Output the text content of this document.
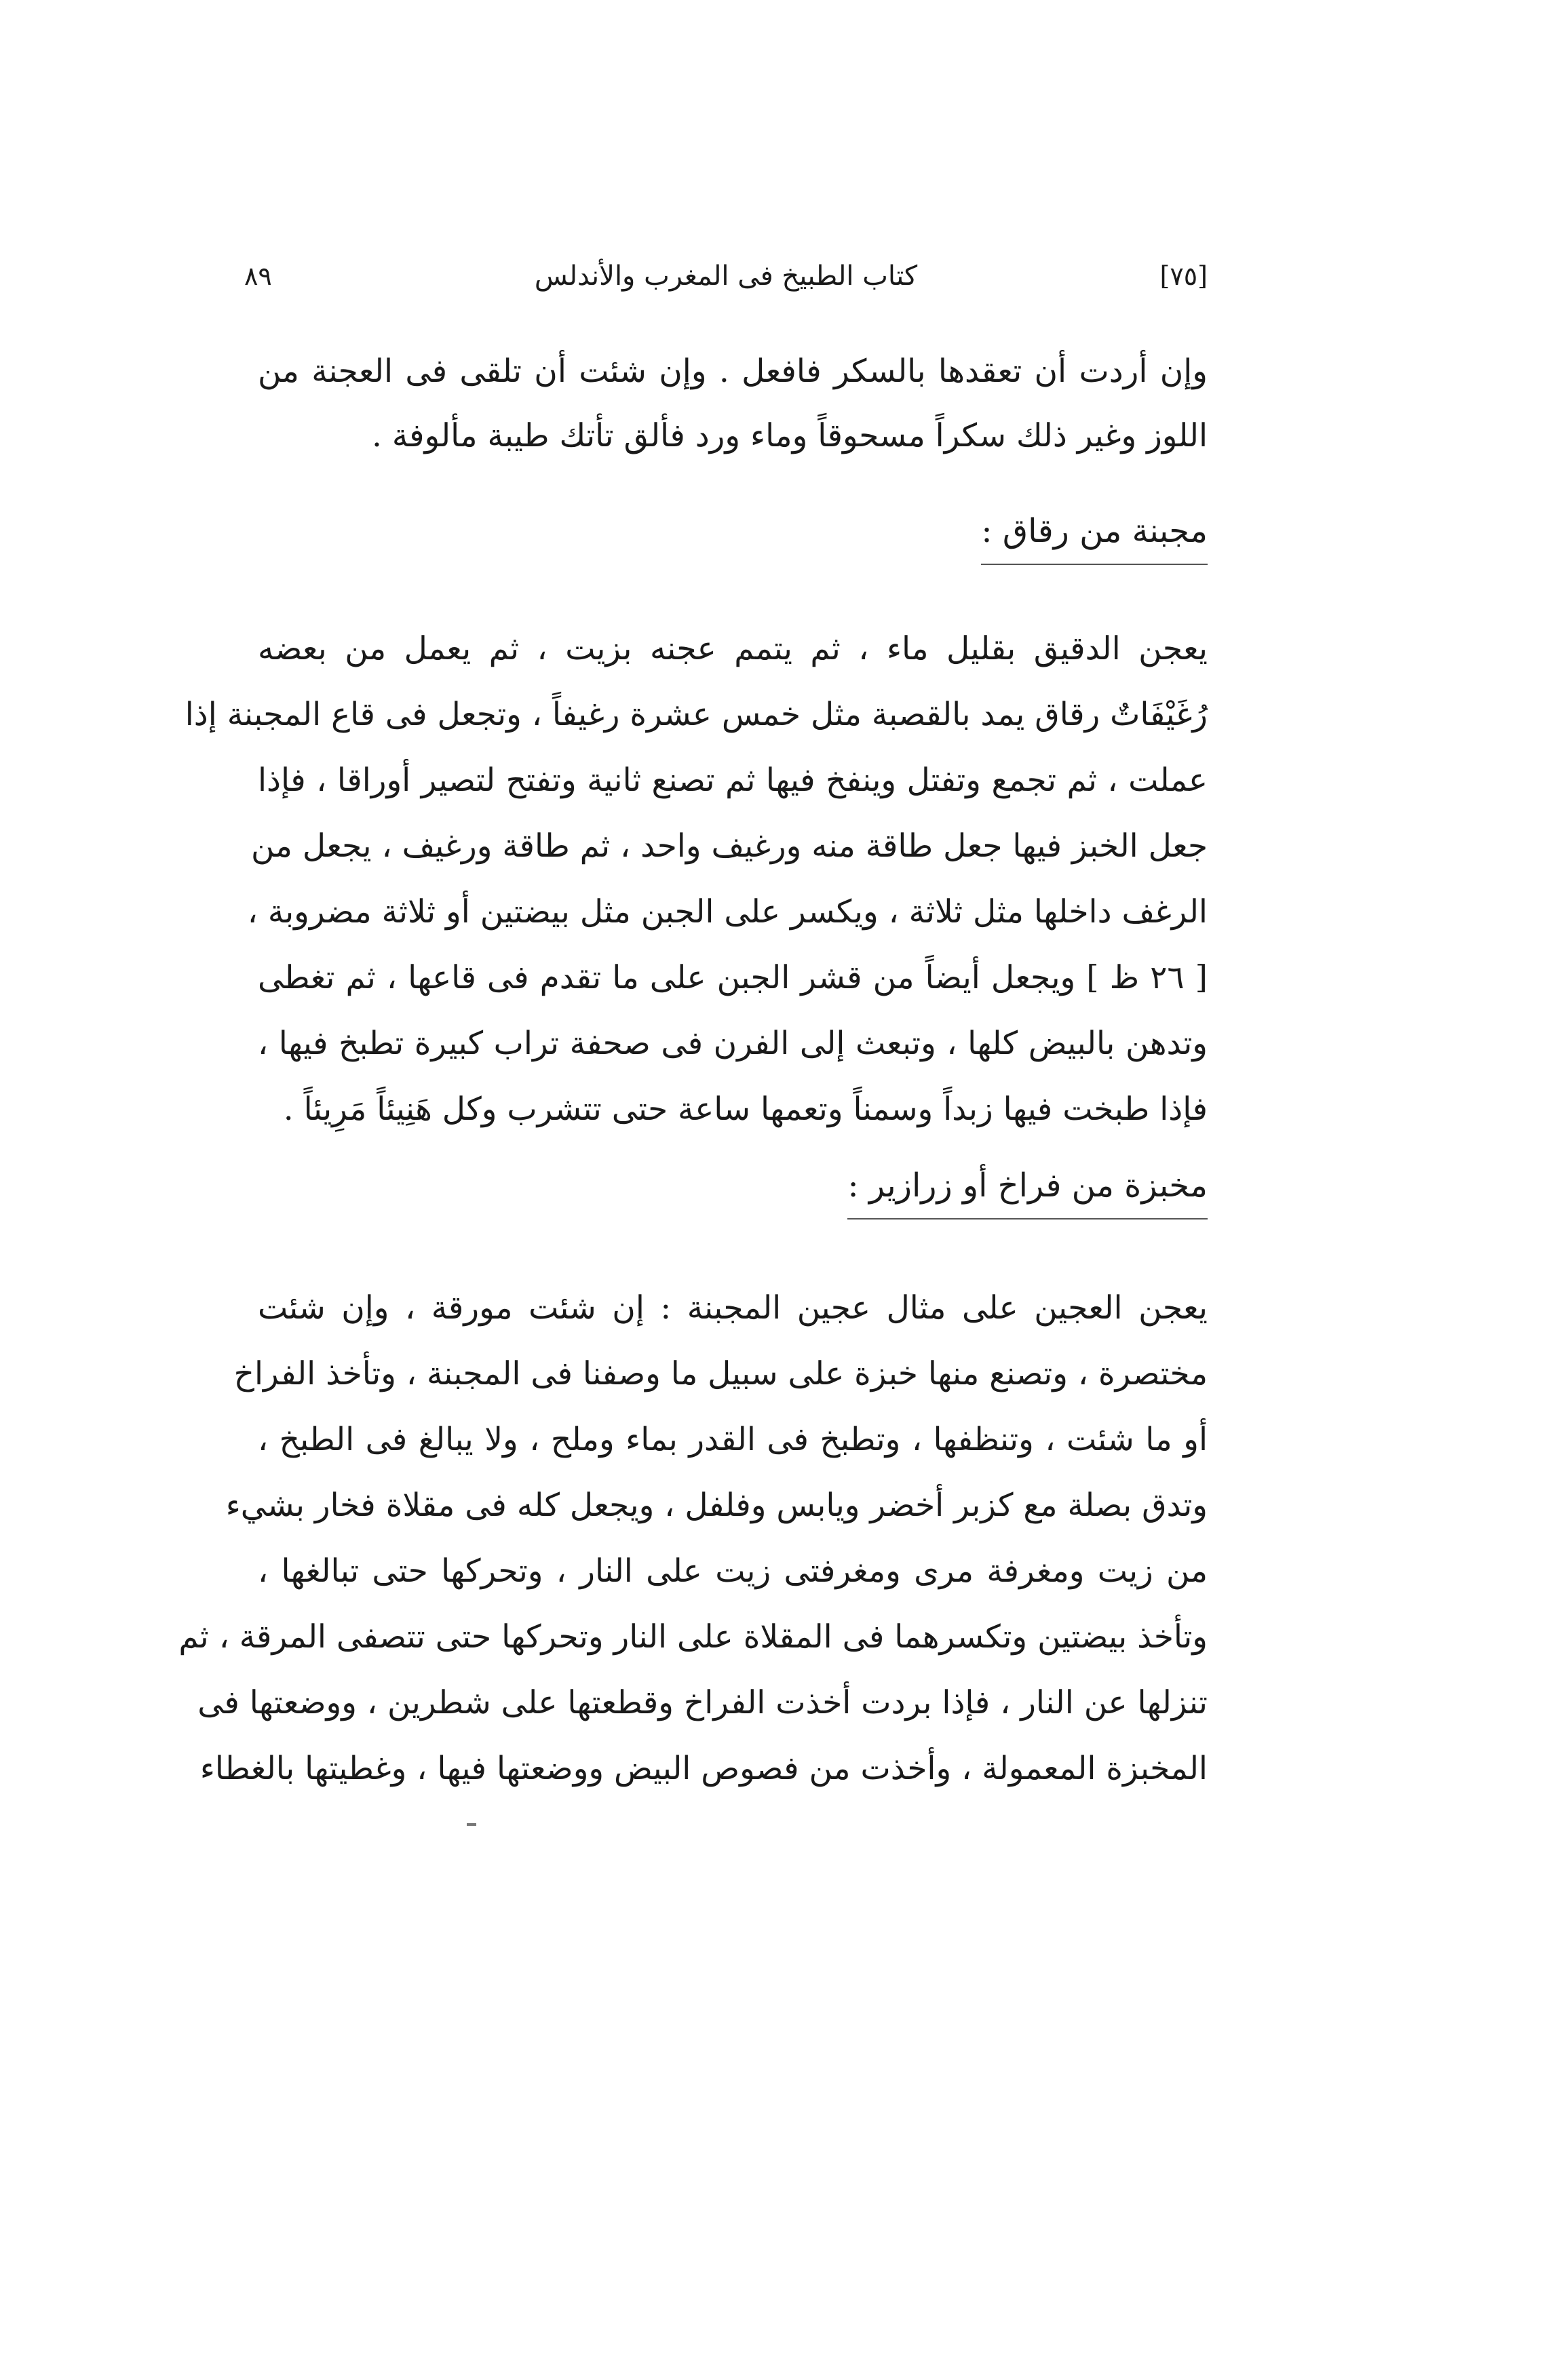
[٧٥]
كتاب الطبيخ فى المغرب والأندلس
٨٩
وإن أردت أن تعقدها بالسكر فافعل . وإن شئت أن تلقى فى العجنة من
اللوز وغير ذلك سكراً مسحوقاً وماء ورد فألق تأتك طيبة مألوفة .
مجبنة من رقاق :
يعجن الدقيق بقليل ماء ، ثم يتمم عجنه بزيت ، ثم يعمل من بعضه
رُغَيْفَاتٌ رقاق يمد بالقصبة مثل خمس عشرة رغيفاً ، وتجعل فى قاع المجبنة إذا
عملت ، ثم تجمع وتفتل وينفخ فيها ثم تصنع ثانية وتفتح لتصير أوراقا ، فإذا
جعل الخبز فيها جعل طاقة منه ورغيف واحد ، ثم طاقة ورغيف ، يجعل من
الرغف داخلها مثل ثلاثة ، ويكسر على الجبن مثل بيضتين أو ثلاثة مضروبة ،
[ ٢٦ ظ ] ويجعل أيضاً من قشر الجبن على ما تقدم فى قاعها ، ثم تغطى
وتدهن بالبيض كلها ، وتبعث إلى الفرن فى صحفة تراب كبيرة تطبخ فيها ،
فإذا طبخت فيها زبداً وسمناً وتعمها ساعة حتى تتشرب وكل هَنِيئاً مَرِيئاً .
مخبزة من فراخ أو زرازير :
يعجن العجين على مثال عجين المجبنة : إن شئت مورقة ، وإن شئت
مختصرة ، وتصنع منها خبزة على سبيل ما وصفنا فى المجبنة ، وتأخذ الفراخ
أو ما شئت ، وتنظفها ، وتطبخ فى القدر بماء وملح ، ولا يبالغ فى الطبخ ،
وتدق بصلة مع كزبر أخضر ويابس وفلفل ، ويجعل كله فى مقلاة فخار بشيء
من زيت ومغرفة مرى ومغرفتى زيت على النار ، وتحركها حتى تبالغها ،
وتأخذ بيضتين وتكسرهما فى المقلاة على النار وتحركها حتى تتصفى المرقة ، ثم
تنزلها عن النار ، فإذا بردت أخذت الفراخ وقطعتها على شطرين ، ووضعتها فى
المخبزة المعمولة ، وأخذت من فصوص البيض ووضعتها فيها ، وغطيتها بالغطاء
